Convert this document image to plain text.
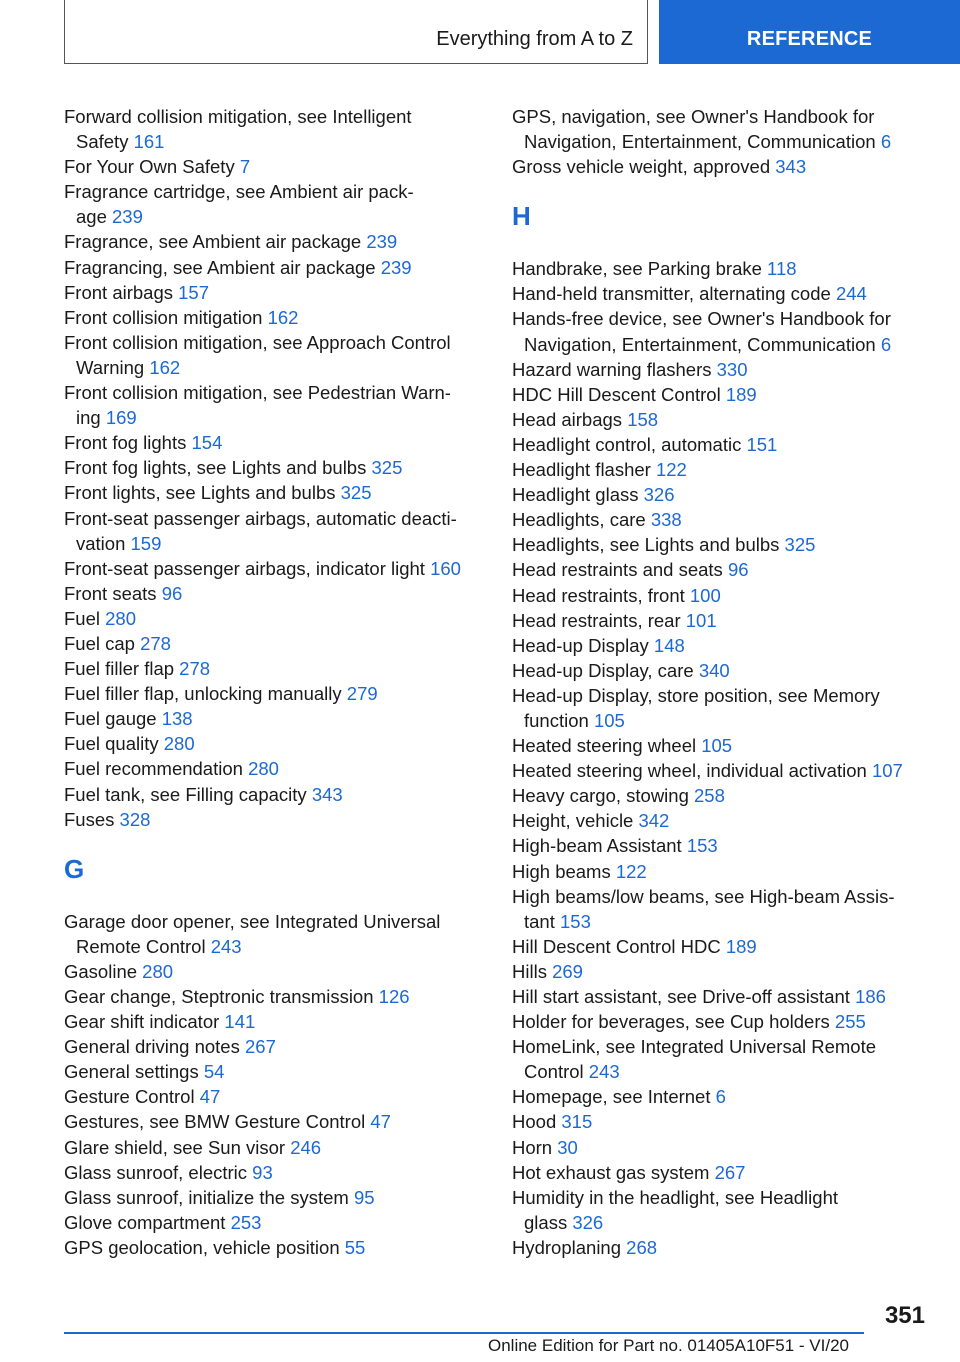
Everything from A to Z	REFERENCE
Forward collision mitigation, see Intelligent
Safety 161
For Your Own Safety 7
Fragrance cartridge, see Ambient air pack-
age 239
Fragrance, see Ambient air package 239
Fragrancing, see Ambient air package 239
Front airbags 157
Front collision mitigation 162
Front collision mitigation, see Approach Control
Warning 162
Front collision mitigation, see Pedestrian Warn-
ing 169
Front fog lights 154
Front fog lights, see Lights and bulbs 325
Front lights, see Lights and bulbs 325
Front-seat passenger airbags, automatic deacti-
vation 159
Front-seat passenger airbags, indicator light 160
Front seats 96
Fuel 280
Fuel cap 278
Fuel filler flap 278
Fuel filler flap, unlocking manually 279
Fuel gauge 138
Fuel quality 280
Fuel recommendation 280
Fuel tank, see Filling capacity 343
Fuses 328
G
Garage door opener, see Integrated Universal
Remote Control 243
Gasoline 280
Gear change, Steptronic transmission 126
Gear shift indicator 141
General driving notes 267
General settings 54
Gesture Control 47
Gestures, see BMW Gesture Control 47
Glare shield, see Sun visor 246
Glass sunroof, electric 93
Glass sunroof, initialize the system 95
Glove compartment 253
GPS geolocation, vehicle position 55
GPS, navigation, see Owner's Handbook for
Navigation, Entertainment, Communication 6
Gross vehicle weight, approved 343
H
Handbrake, see Parking brake 118
Hand-held transmitter, alternating code 244
Hands-free device, see Owner's Handbook for
Navigation, Entertainment, Communication 6
Hazard warning flashers 330
HDC Hill Descent Control 189
Head airbags 158
Headlight control, automatic 151
Headlight flasher 122
Headlight glass 326
Headlights, care 338
Headlights, see Lights and bulbs 325
Head restraints and seats 96
Head restraints, front 100
Head restraints, rear 101
Head-up Display 148
Head-up Display, care 340
Head-up Display, store position, see Memory
function 105
Heated steering wheel 105
Heated steering wheel, individual activation 107
Heavy cargo, stowing 258
Height, vehicle 342
High-beam Assistant 153
High beams 122
High beams/low beams, see High-beam Assis-
tant 153
Hill Descent Control HDC 189
Hills 269
Hill start assistant, see Drive-off assistant 186
Holder for beverages, see Cup holders 255
HomeLink, see Integrated Universal Remote
Control 243
Homepage, see Internet 6
Hood 315
Horn 30
Hot exhaust gas system 267
Humidity in the headlight, see Headlight
glass 326
Hydroplaning 268
351
Online Edition for Part no. 01405A10F51 - VI/20
